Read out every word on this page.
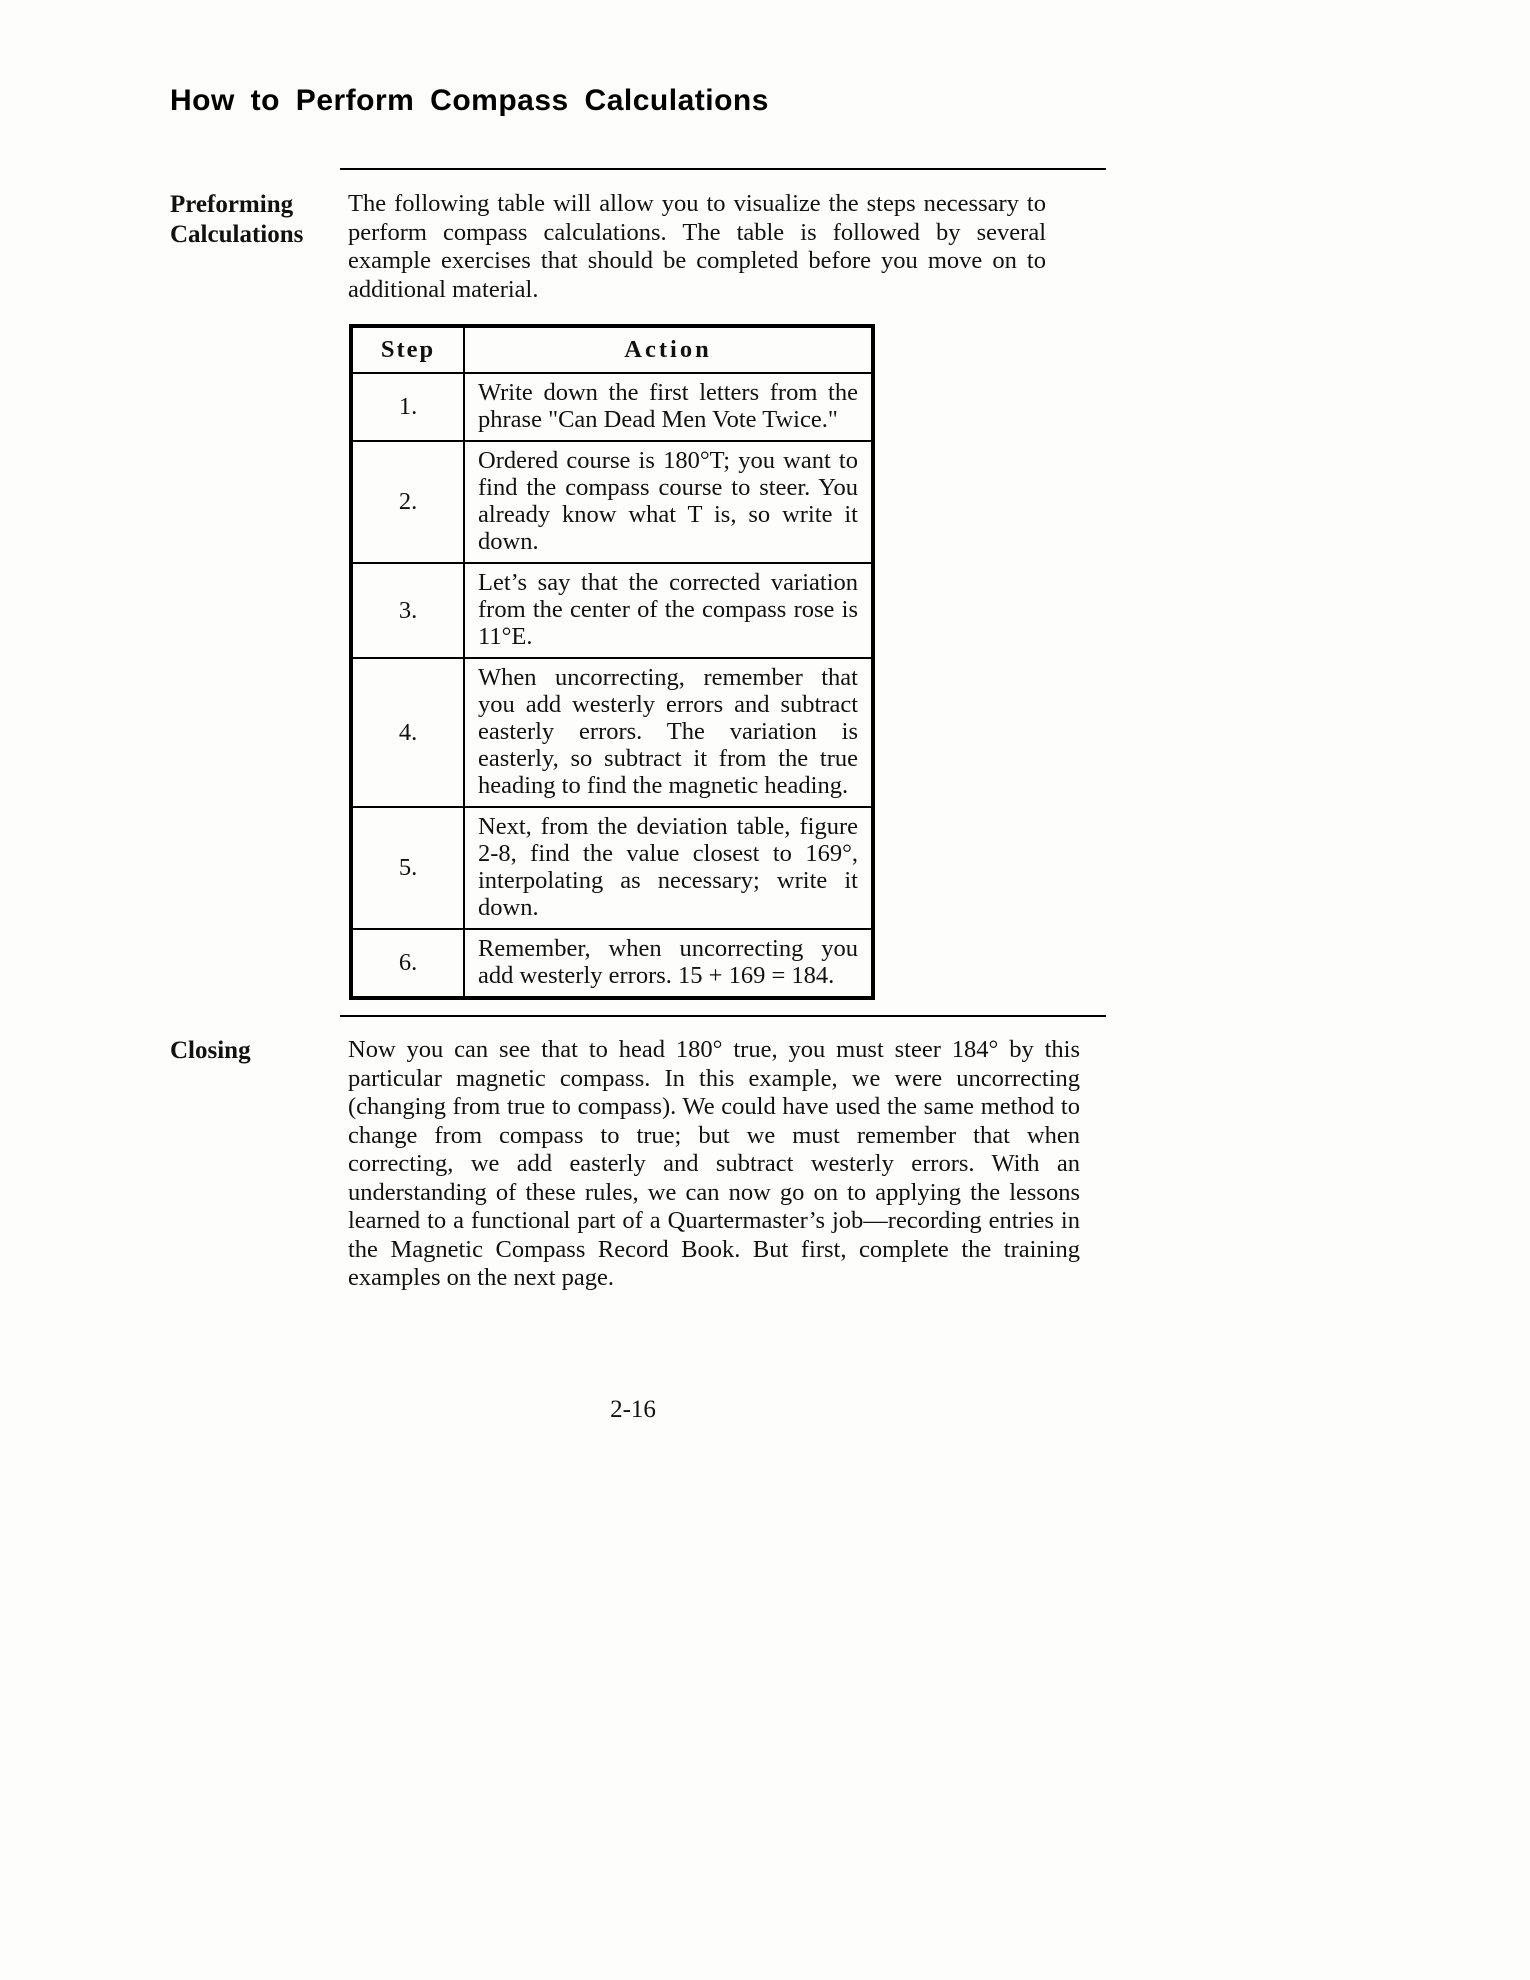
How to Perform Compass Calculations
Preforming Calculations
The following table will allow you to visualize the steps necessary to perform compass calculations. The table is followed by several example exercises that should be completed before you move on to additional material.
Step	Action
1.	Write down the first letters from the phrase "Can Dead Men Vote Twice."
2.	Ordered course is 180°T; you want to find the compass course to steer. You already know what T is, so write it down.
3.	Let’s say that the corrected variation from the center of the compass rose is 11°E.
4.	When uncorrecting, remember that you add westerly errors and subtract easterly errors. The variation is easterly, so subtract it from the true heading to find the magnetic heading.
5.	Next, from the deviation table, figure 2-8, find the value closest to 169°, interpolating as necessary; write it down.
6.	Remember, when uncorrecting you add westerly errors. 15 + 169 = 184.
Closing	Now you can see that to head 180° true, you must steer 184° by this particular magnetic compass. In this example, we were uncorrecting (changing from true to compass). We could have used the same method to change from compass to true; but we must remember that when correcting, we add easterly and subtract westerly errors. With an understanding of these rules, we can now go on to applying the lessons learned to a functional part of a Quartermaster’s job—recording entries in the Magnetic Compass Record Book. But first, complete the training examples on the next page.
2-16
